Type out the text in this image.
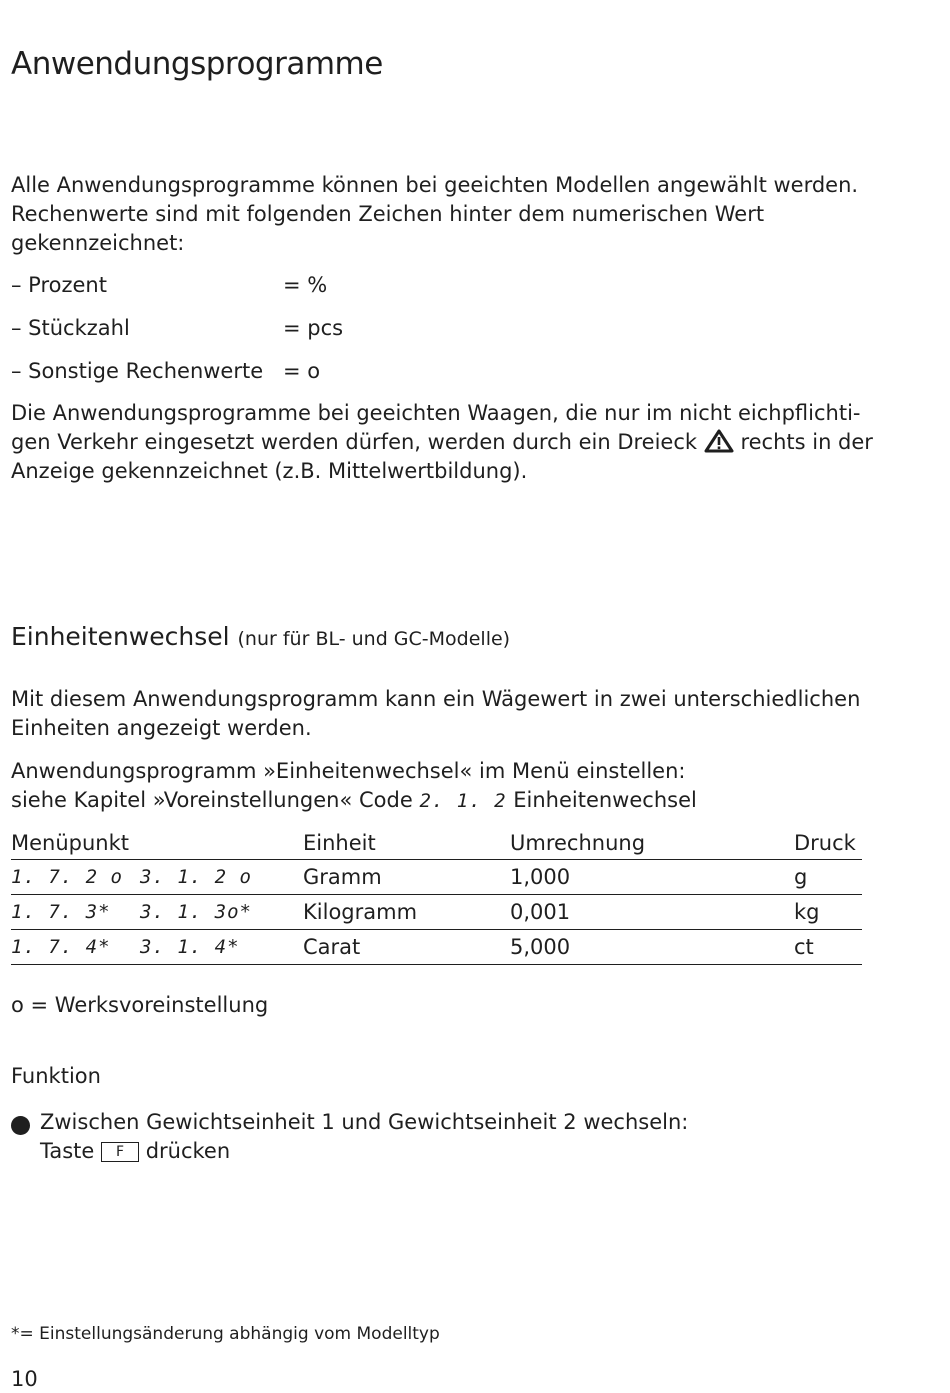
Anwendungsprogramme

Alle Anwendungsprogramme können bei geeichten Modellen angewählt werden. Rechenwerte sind mit folgenden Zeichen hinter dem numerischen Wert gekennzeichnet:

– Prozent	= %
– Stückzahl	= pcs
– Sonstige Rechenwerte = o

Die Anwendungsprogramme bei geeichten Waagen, die nur im nicht eichpflichti-gen Verkehr eingesetzt werden dürfen, werden durch ein Dreieck rechts in der Anzeige gekennzeichnet (z.B. Mittelwertbildung).

Einheitenwechsel (nur für BL- und GC-Modelle)

Mit diesem Anwendungsprogramm kann ein Wägewert in zwei unterschiedlichen Einheiten angezeigt werden.

Anwendungsprogramm »Einheitenwechsel« im Menü einstellen:
siehe Kapitel »Voreinstellungen« Code 2. 1. 2 Einheitenwechsel
Menüpunkt		Einheit	Umrechnung	Druck
1. 7. 2 o	3. 1. 2 o	Gramm	1,000	g
1. 7. 3*	3. 1. 3o*	Kilogramm	0,001	kg
1. 7. 4*	3. 1. 4*	Carat	5,000	ct
o = Werksvoreinstellung
Funktion
Zwischen Gewichtseinheit 1 und Gewichtseinheit 2 wechseln:
Taste F drücken
*= Einstellungsänderung abhängig vom Modelltyp
10
